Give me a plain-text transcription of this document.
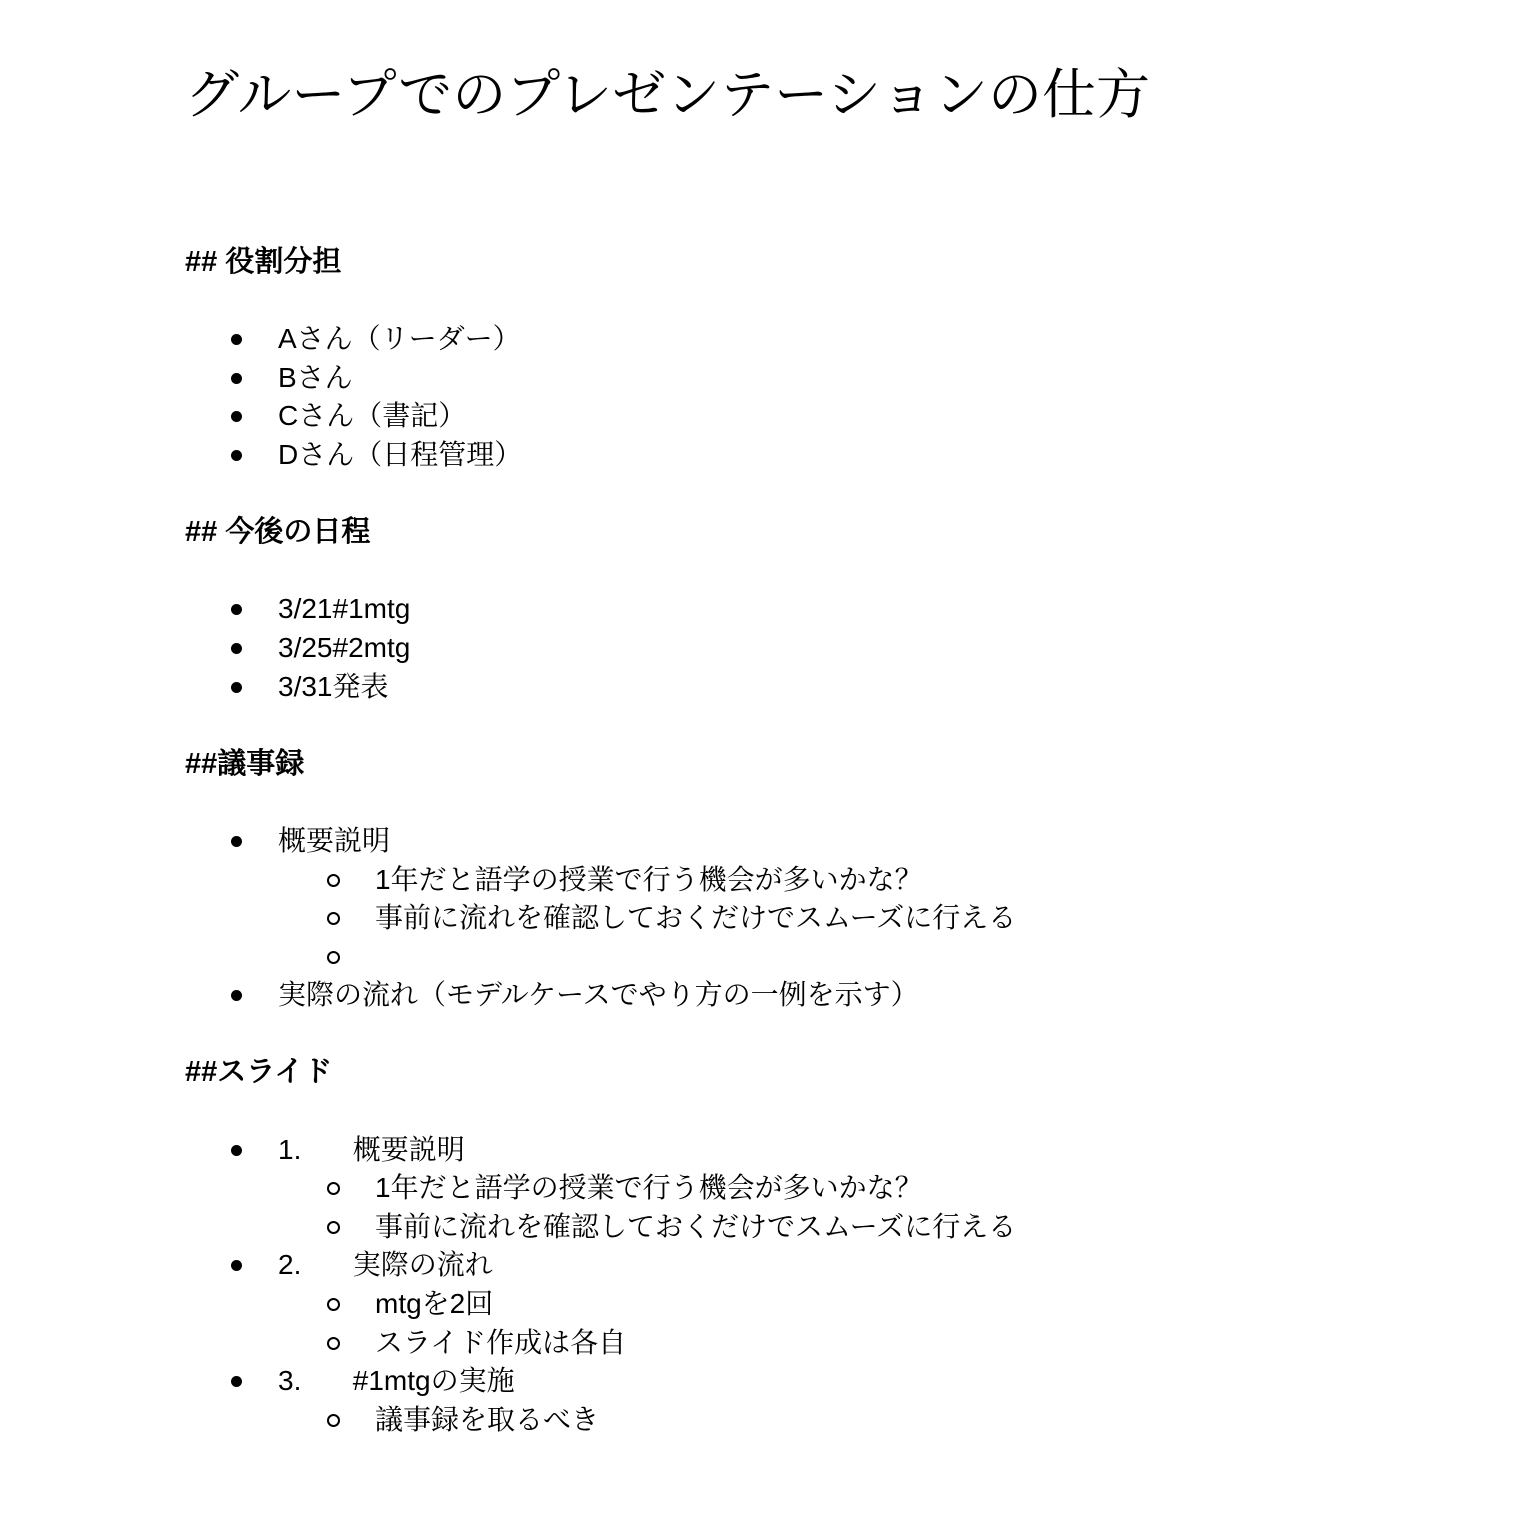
グループでのプレゼンテーションの仕方
## 役割分担
Aさん（リーダー）
Bさん
Cさん（書記）
Dさん（日程管理）
## 今後の日程
3/21#1mtg
3/25#2mtg
3/31発表
##議事録
概要説明
1年だと語学の授業で行う機会が多いかな？
事前に流れを確認しておくだけでスムーズに行える
実際の流れ（モデルケースでやり方の一例を示す）
##スライド
1. 概要説明
1年だと語学の授業で行う機会が多いかな？
事前に流れを確認しておくだけでスムーズに行える
2. 実際の流れ
mtgを2回
スライド作成は各自
3. #1mtgの実施
議事録を取るべき
